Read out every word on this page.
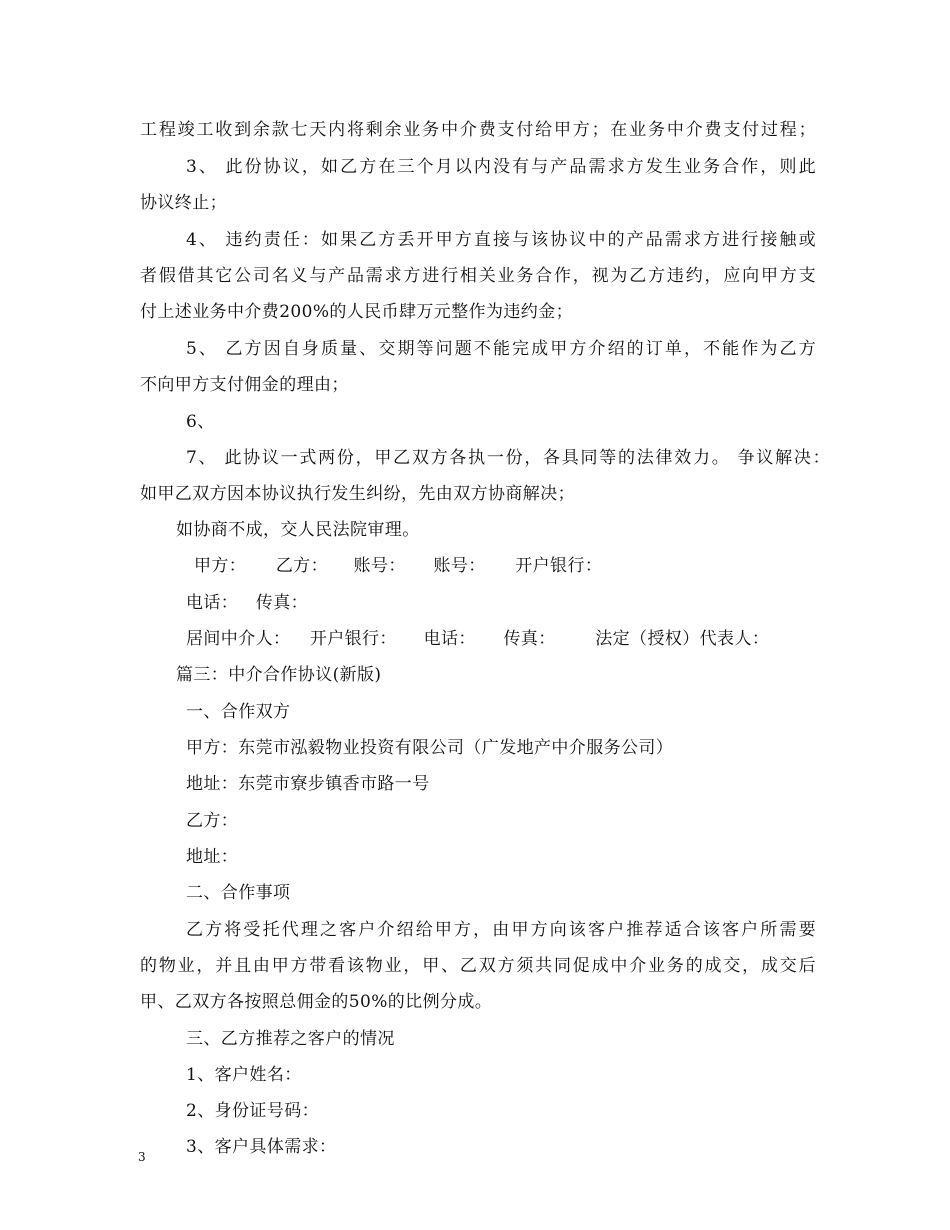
工程竣工收到余款七天内将剩余业务中介费支付给甲方；在业务中介费支付过程；
3、 此份协议，如乙方在三个月以内没有与产品需求方发生业务合作，则此
协议终止；
4、 违约责任：如果乙方丢开甲方直接与该协议中的产品需求方进行接触或
者假借其它公司名义与产品需求方进行相关业务合作，视为乙方违约，应向甲方支
付上述业务中介费200%的人民币肆万元整作为违约金；
5、 乙方因自身质量、交期等问题不能完成甲方介绍的订单，不能作为乙方
不向甲方支付佣金的理由；
6、
7、 此协议一式两份，甲乙双方各执一份，各具同等的法律效力。 争议解决：
如甲乙双方因本协议执行发生纠纷，先由双方协商解决；
如协商不成，交人民法院审理。
甲方： 乙方： 账号： 账号： 开户银行：
电话： 传真：
居间中介人： 开户银行： 电话： 传真： 法定（授权）代表人：
篇三：中介合作协议(新版)
一、合作双方
甲方：东莞市泓毅物业投资有限公司（广发地产中介服务公司）
地址：东莞市寮步镇香市路一号
乙方：
地址：
二、合作事项
乙方将受托代理之客户介绍给甲方，由甲方向该客户推荐适合该客户所需要
的物业，并且由甲方带看该物业，甲、乙双方须共同促成中介业务的成交，成交后
甲、乙双方各按照总佣金的50%的比例分成。
三、乙方推荐之客户的情况
1、客户姓名：
2、身份证号码：
3、客户具体需求：
3
